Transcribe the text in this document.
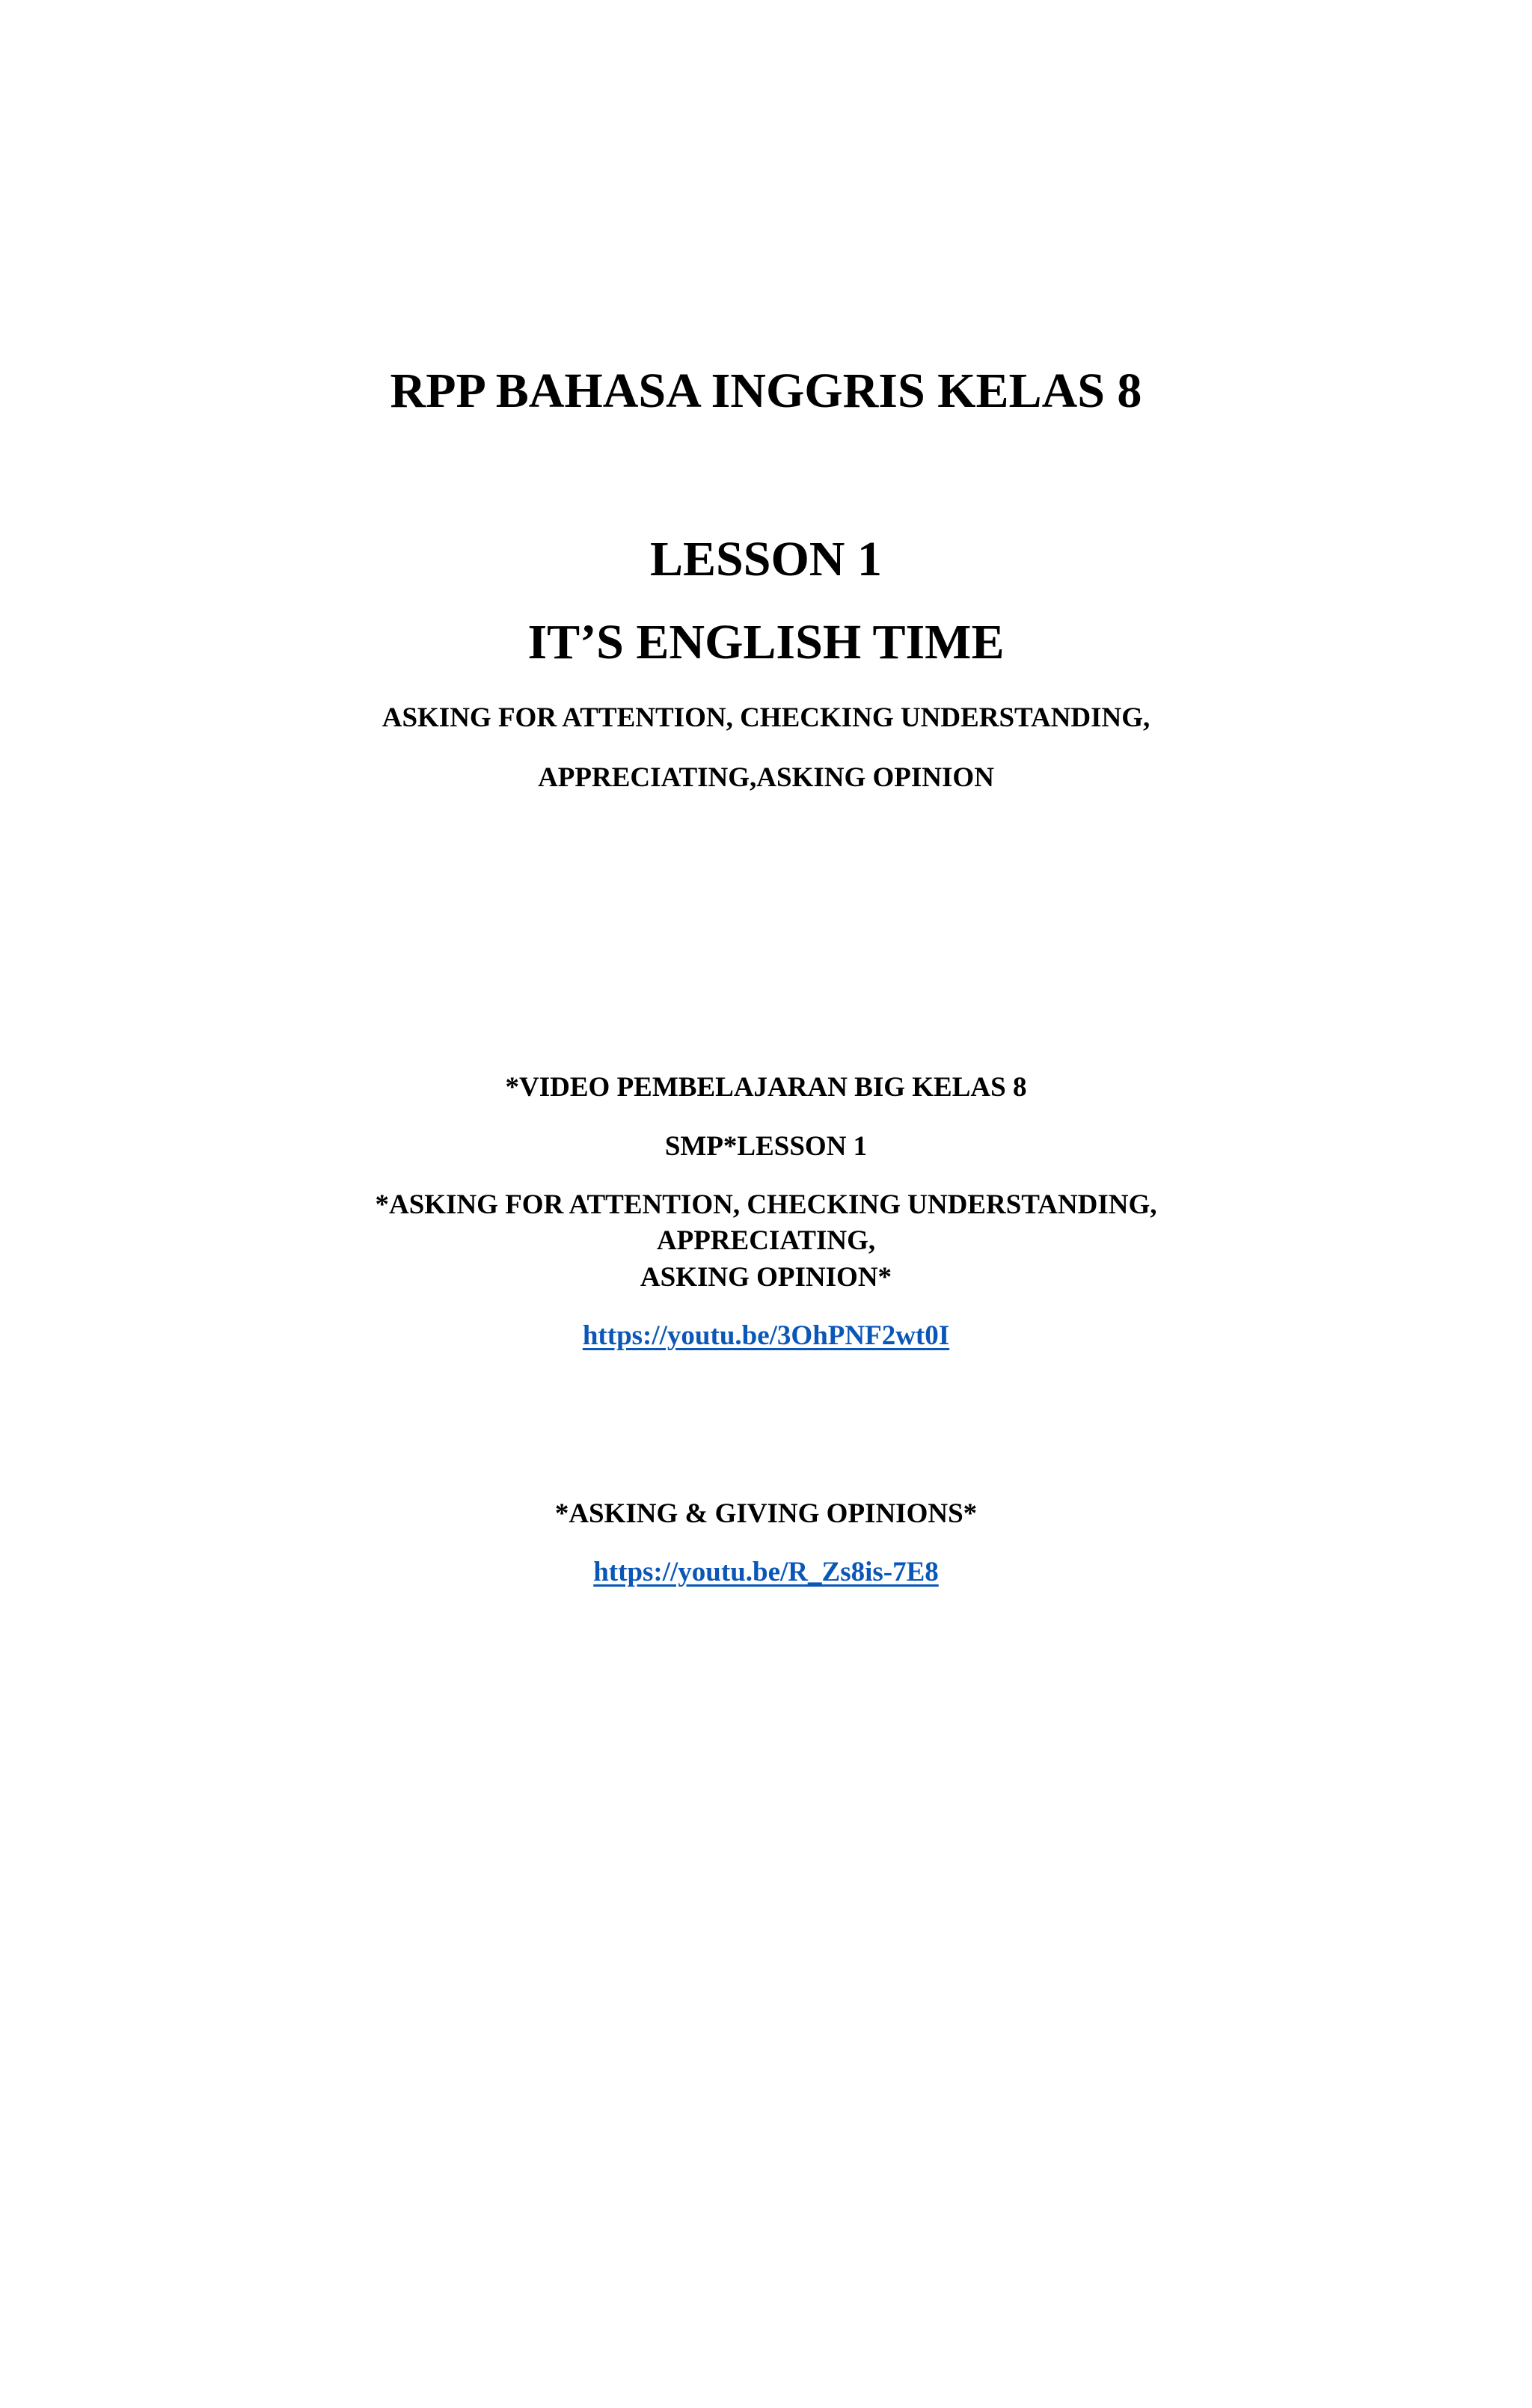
RPP BAHASA INGGRIS KELAS 8
LESSON 1
IT’S ENGLISH TIME
ASKING FOR ATTENTION, CHECKING UNDERSTANDING,
APPRECIATING,ASKING OPINION
*VIDEO PEMBELAJARAN BIG KELAS 8
SMP*LESSON 1
*ASKING FOR ATTENTION, CHECKING UNDERSTANDING,
APPRECIATING,
ASKING OPINION*
https://youtu.be/3OhPNF2wt0I
*ASKING & GIVING OPINIONS*
https://youtu.be/R_Zs8is-7E8
